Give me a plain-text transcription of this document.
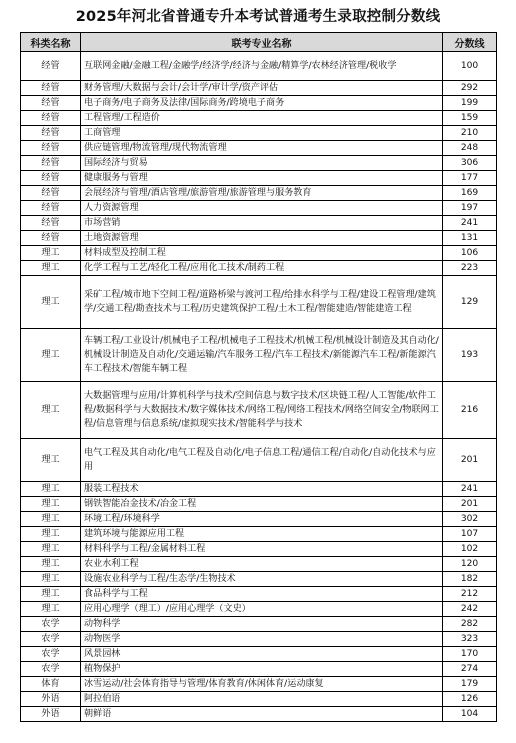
2025年河北省普通专升本考试普通考生录取控制分数线
科类名称	联考专业名称	分数线
经管	互联网金融/金融工程/金融学/经济学/经济与金融/精算学/农林经济管理/税收学	100
经管	财务管理/大数据与会计/会计学/审计学/资产评估	292
经管	电子商务/电子商务及法律/国际商务/跨境电子商务	199
经管	工程管理/工程造价	159
经管	工商管理	210
经管	供应链管理/物流管理/现代物流管理	248
经管	国际经济与贸易	306
经管	健康服务与管理	177
经管	会展经济与管理/酒店管理/旅游管理/旅游管理与服务教育	169
经管	人力资源管理	197
经管	市场营销	241
经管	土地资源管理	131
理工	材料成型及控制工程	106
理工	化学工程与工艺/轻化工程/应用化工技术/制药工程	223
理工	采矿工程/城市地下空间工程/道路桥梁与渡河工程/给排水科学与工程/建设工程管理/建筑学/交通工程/勘查技术与工程/历史建筑保护工程/土木工程/智能建造/智能建造工程	129
理工	车辆工程/工业设计/机械电子工程/机械电子工程技术/机械工程/机械设计制造及其自动化/机械设计制造及自动化/交通运输/汽车服务工程/汽车工程技术/新能源汽车工程/新能源汽车工程技术/智能车辆工程	193
理工	大数据管理与应用/计算机科学与技术/空间信息与数字技术/区块链工程/人工智能/软件工程/数据科学与大数据技术/数字媒体技术/网络工程/网络工程技术/网络空间安全/物联网工程/信息管理与信息系统/虚拟现实技术/智能科学与技术	216
理工	电气工程及其自动化/电气工程及自动化/电子信息工程/通信工程/自动化/自动化技术与应用	201
理工	服装工程技术	241
理工	钢铁智能冶金技术/冶金工程	201
理工	环境工程/环境科学	302
理工	建筑环境与能源应用工程	107
理工	材料科学与工程/金属材料工程	102
理工	农业水利工程	120
理工	设施农业科学与工程/生态学/生物技术	182
理工	食品科学与工程	212
理工	应用心理学（理工）/应用心理学（文史）	242
农学	动物科学	282
农学	动物医学	323
农学	风景园林	170
农学	植物保护	274
体育	冰雪运动/社会体育指导与管理/体育教育/休闲体育/运动康复	179
外语	阿拉伯语	126
外语	朝鲜语	104
